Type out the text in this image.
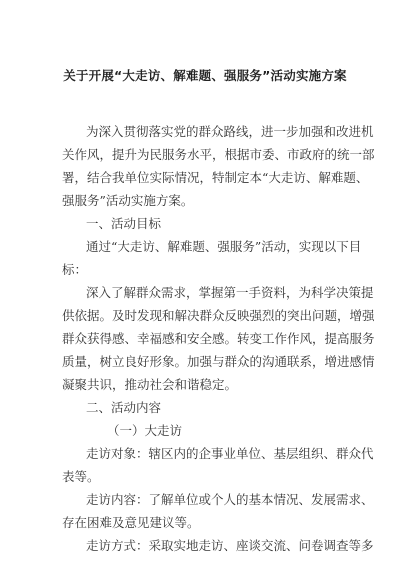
关于开展“大走访、解难题、强服务”活动实施方案
为深入贯彻落实党的群众路线，进一步加强和改进机
关作风，提升为民服务水平，根据市委、市政府的统一部
署，结合我单位实际情况，特制定本“大走访、解难题、
强服务”活动实施方案。
一、活动目标
通过“大走访、解难题、强服务”活动，实现以下目
标：
深入了解群众需求，掌握第一手资料，为科学决策提
供依据。及时发现和解决群众反映强烈的突出问题，增强
群众获得感、幸福感和安全感。转变工作作风，提高服务
质量，树立良好形象。加强与群众的沟通联系，增进感情
凝聚共识，推动社会和谐稳定。
二、活动内容
（一）大走访
走访对象：辖区内的企事业单位、基层组织、群众代
表等。
走访内容：了解单位或个人的基本情况、发展需求、
存在困难及意见建议等。
走访方式：采取实地走访、座谈交流、问卷调查等多
